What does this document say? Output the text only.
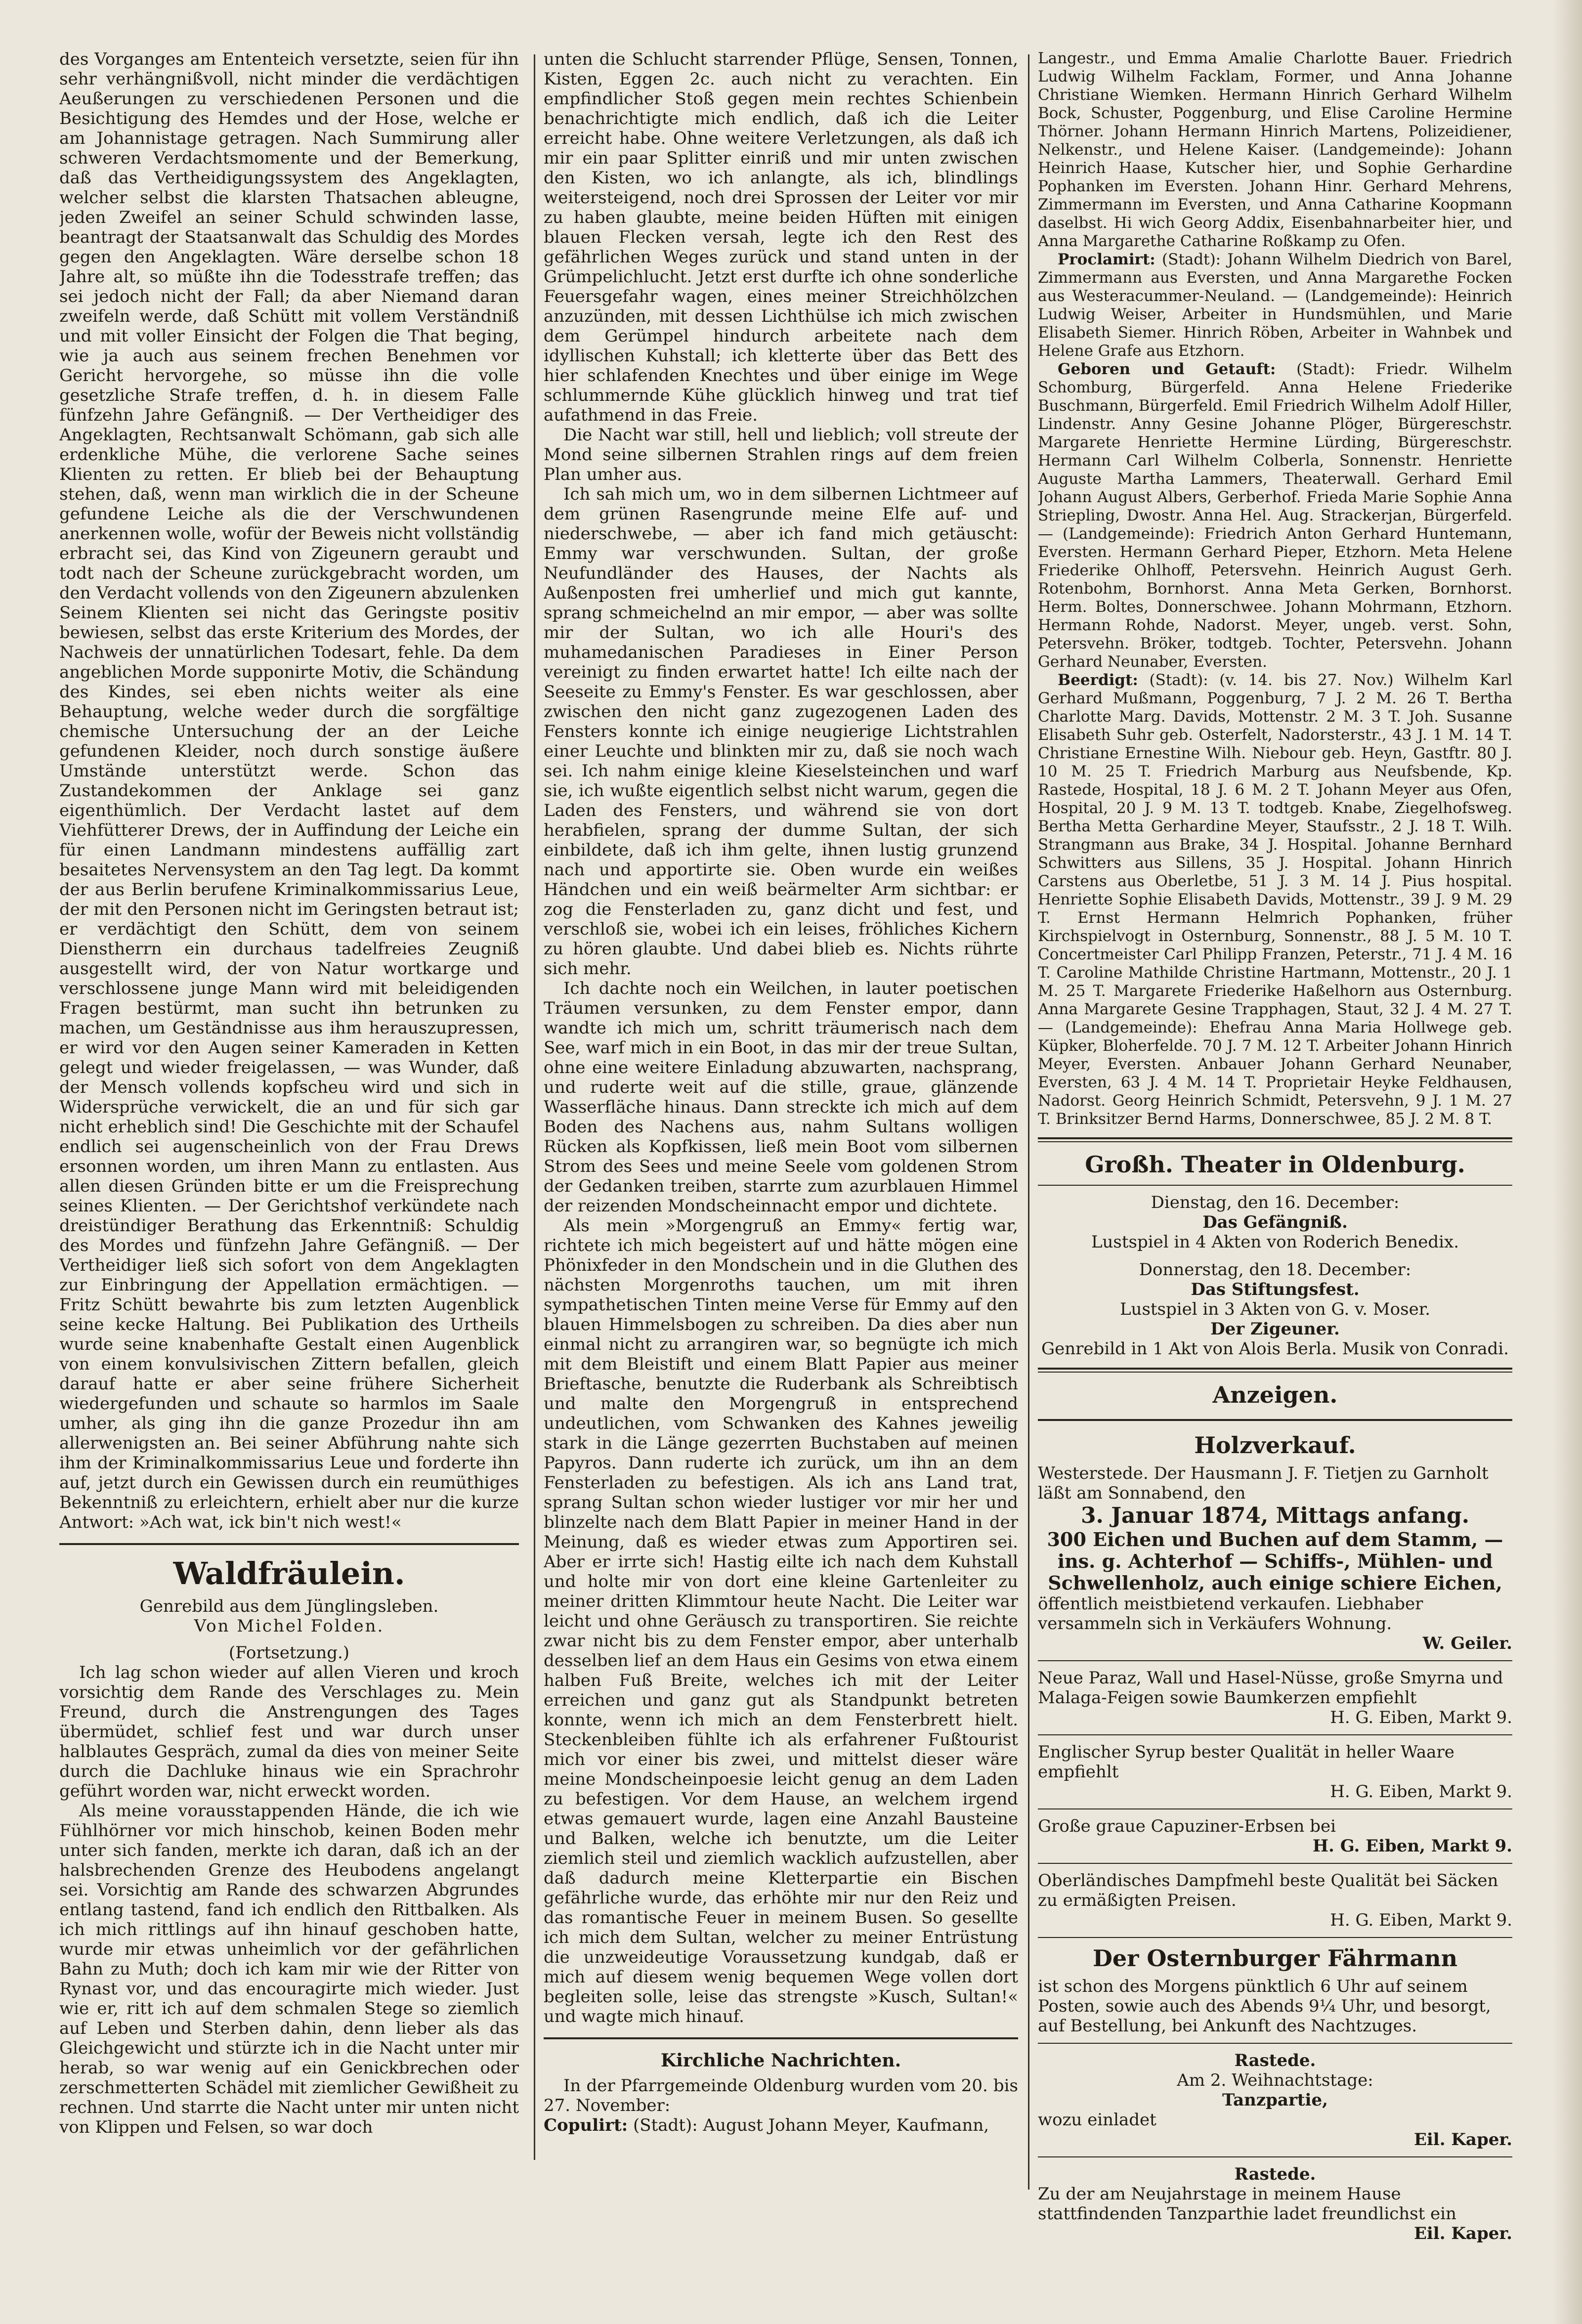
des Vorganges am Ententeich versetzte, seien für ihn sehr verhängnißvoll, nicht minder die verdächtigen Aeußerungen zu verschiedenen Personen und die Besichtigung des Hemdes und der Hose, welche er am Johannistage getragen. Nach Summirung aller schweren Verdachtsmomente und der Bemerkung, daß das Vertheidigungssystem des Angeklagten, welcher selbst die klarsten Thatsachen ableugne, jeden Zweifel an seiner Schuld schwinden lasse, beantragt der Staatsanwalt das Schuldig des Mordes gegen den Angeklagten. Wäre derselbe schon 18 Jahre alt, so müßte ihn die Todesstrafe treffen; das sei jedoch nicht der Fall; da aber Niemand daran zweifeln werde, daß Schütt mit vollem Verständniß und mit voller Einsicht der Folgen die That beging, wie ja auch aus seinem frechen Benehmen vor Gericht hervorgehe, so müsse ihn die volle gesetzliche Strafe treffen, d. h. in diesem Falle fünfzehn Jahre Gefängniß. — Der Vertheidiger des Angeklagten, Rechtsanwalt Schömann, gab sich alle erdenkliche Mühe, die verlorene Sache seines Klienten zu retten. Er blieb bei der Behauptung stehen, daß, wenn man wirklich die in der Scheune gefundene Leiche als die der Verschwundenen anerkennen wolle, wofür der Beweis nicht vollständig erbracht sei, das Kind von Zigeunern geraubt und todt nach der Scheune zurückgebracht worden, um den Verdacht vollends von den Zigeunern abzulenken Seinem Klienten sei nicht das Geringste positiv bewiesen, selbst das erste Kriterium des Mordes, der Nachweis der unnatürlichen Todesart, fehle. Da dem angeblichen Morde supponirte Motiv, die Schändung des Kindes, sei eben nichts weiter als eine Behauptung, welche weder durch die sorgfältige chemische Untersuchung der an der Leiche gefundenen Kleider, noch durch sonstige äußere Umstände unterstützt werde. Schon das Zustandekommen der Anklage sei ganz eigenthümlich. Der Verdacht lastet auf dem Viehfütterer Drews, der in Auffindung der Leiche ein für einen Landmann mindestens auffällig zart besaitetes Nervensystem an den Tag legt. Da kommt der aus Berlin berufene Kriminalkommissarius Leue, der mit den Personen nicht im Geringsten betraut ist; er verdächtigt den Schütt, dem von seinem Dienstherrn ein durchaus tadelfreies Zeugniß ausgestellt wird, der von Natur wortkarge und verschlossene junge Mann wird mit beleidigenden Fragen bestürmt, man sucht ihn betrunken zu machen, um Geständnisse aus ihm herauszupressen, er wird vor den Augen seiner Kameraden in Ketten gelegt und wieder freigelassen, — was Wunder, daß der Mensch vollends kopfscheu wird und sich in Widersprüche verwickelt, die an und für sich gar nicht erheblich sind! Die Geschichte mit der Schaufel endlich sei augenscheinlich von der Frau Drews ersonnen worden, um ihren Mann zu entlasten. Aus allen diesen Gründen bitte er um die Freisprechung seines Klienten. — Der Gerichtshof verkündete nach dreistündiger Berathung das Erkenntniß: Schuldig des Mordes und fünfzehn Jahre Gefängniß. — Der Vertheidiger ließ sich sofort von dem Angeklagten zur Einbringung der Appellation ermächtigen. — Fritz Schütt bewahrte bis zum letzten Augenblick seine kecke Haltung. Bei Publikation des Urtheils wurde seine knabenhafte Gestalt einen Augenblick von einem konvulsivischen Zittern befallen, gleich darauf hatte er aber seine frühere Sicherheit wiedergefunden und schaute so harmlos im Saale umher, als ging ihn die ganze Prozedur ihn am allerwenigsten an. Bei seiner Abführung nahte sich ihm der Kriminalkommissarius Leue und forderte ihn auf, jetzt durch ein Gewissen durch ein reumüthiges Bekenntniß zu erleichtern, erhielt aber nur die kurze Antwort: »Ach wat, ick bin't nich west!«

Waldfräulein.

Genrebild aus dem Jünglingsleben.

Von Michel Folden.

(Fortsetzung.)

Ich lag schon wieder auf allen Vieren und kroch vorsichtig dem Rande des Verschlages zu. Mein Freund, durch die Anstrengungen des Tages übermüdet, schlief fest und war durch unser halblautes Gespräch, zumal da dies von meiner Seite durch die Dachluke hinaus wie ein Sprachrohr geführt worden war, nicht erweckt worden.

Als meine vorausstappenden Hände, die ich wie Fühlhörner vor mich hinschob, keinen Boden mehr unter sich fanden, merkte ich daran, daß ich an der halsbrechenden Grenze des Heubodens angelangt sei. Vorsichtig am Rande des schwarzen Abgrundes entlang tastend, fand ich endlich den Rittbalken. Als ich mich rittlings auf ihn hinauf geschoben hatte, wurde mir etwas unheimlich vor der gefährlichen Bahn zu Muth; doch ich kam mir wie der Ritter von Rynast vor, und das encouragirte mich wieder. Just wie er, ritt ich auf dem schmalen Stege so ziemlich auf Leben und Sterben dahin, denn lieber als das Gleichgewicht und stürzte ich in die Nacht unter mir herab, so war wenig auf ein Genickbrechen oder zerschmetterten Schädel mit ziemlicher Gewißheit zu rechnen. Und starrte die Nacht unter mir unten nicht von Klippen und Felsen, so war doch

unten die Schlucht starrender Pflüge, Sensen, Tonnen, Kisten, Eggen 2c. auch nicht zu verachten. Ein empfindlicher Stoß gegen mein rechtes Schienbein benachrichtigte mich endlich, daß ich die Leiter erreicht habe. Ohne weitere Verletzungen, als daß ich mir ein paar Splitter einriß und mir unten zwischen den Kisten, wo ich anlangte, als ich, blindlings weitersteigend, noch drei Sprossen der Leiter vor mir zu haben glaubte, meine beiden Hüften mit einigen blauen Flecken versah, legte ich den Rest des gefährlichen Weges zurück und stand unten in der Grümpelichlucht. Jetzt erst durfte ich ohne sonderliche Feuersgefahr wagen, eines meiner Streichhölzchen anzuzünden, mit dessen Lichthülse ich mich zwischen dem Gerümpel hindurch arbeitete nach dem idyllischen Kuhstall; ich kletterte über das Bett des hier schlafenden Knechtes und über einige im Wege schlummernde Kühe glücklich hinweg und trat tief aufathmend in das Freie.

Die Nacht war still, hell und lieblich; voll streute der Mond seine silbernen Strahlen rings auf dem freien Plan umher aus.

Ich sah mich um, wo in dem silbernen Lichtmeer auf dem grünen Rasengrunde meine Elfe auf- und niederschwebe, — aber ich fand mich getäuscht: Emmy war verschwunden. Sultan, der große Neufundländer des Hauses, der Nachts als Außenposten frei umherlief und mich gut kannte, sprang schmeichelnd an mir empor, — aber was sollte mir der Sultan, wo ich alle Houri's des muhamedanischen Paradieses in Einer Person vereinigt zu finden erwartet hatte! Ich eilte nach der Seeseite zu Emmy's Fenster. Es war geschlossen, aber zwischen den nicht ganz zugezogenen Laden des Fensters konnte ich einige neugierige Lichtstrahlen einer Leuchte und blinkten mir zu, daß sie noch wach sei. Ich nahm einige kleine Kieselsteinchen und warf sie, ich wußte eigentlich selbst nicht warum, gegen die Laden des Fensters, und während sie von dort herabfielen, sprang der dumme Sultan, der sich einbildete, daß ich ihm gelte, ihnen lustig grunzend nach und apportirte sie. Oben wurde ein weißes Händchen und ein weiß beärmelter Arm sichtbar: er zog die Fensterladen zu, ganz dicht und fest, und verschloß sie, wobei ich ein leises, fröhliches Kichern zu hören glaubte. Und dabei blieb es. Nichts rührte sich mehr.

Ich dachte noch ein Weilchen, in lauter poetischen Träumen versunken, zu dem Fenster empor, dann wandte ich mich um, schritt träumerisch nach dem See, warf mich in ein Boot, in das mir der treue Sultan, ohne eine weitere Einladung abzuwarten, nachsprang, und ruderte weit auf die stille, graue, glänzende Wasserfläche hinaus. Dann streckte ich mich auf dem Boden des Nachens aus, nahm Sultans wolligen Rücken als Kopfkissen, ließ mein Boot vom silbernen Strom des Sees und meine Seele vom goldenen Strom der Gedanken treiben, starrte zum azurblauen Himmel der reizenden Mondscheinnacht empor und dichtete.

Als mein »Morgengruß an Emmy« fertig war, richtete ich mich begeistert auf und hätte mögen eine Phönixfeder in den Mondschein und in die Gluthen des nächsten Morgenroths tauchen, um mit ihren sympathetischen Tinten meine Verse für Emmy auf den blauen Himmelsbogen zu schreiben. Da dies aber nun einmal nicht zu arrangiren war, so begnügte ich mich mit dem Bleistift und einem Blatt Papier aus meiner Brieftasche, benutzte die Ruderbank als Schreibtisch und malte den Morgengruß in entsprechend undeutlichen, vom Schwanken des Kahnes jeweilig stark in die Länge gezerrten Buchstaben auf meinen Papyros. Dann ruderte ich zurück, um ihn an dem Fensterladen zu befestigen. Als ich ans Land trat, sprang Sultan schon wieder lustiger vor mir her und blinzelte nach dem Blatt Papier in meiner Hand in der Meinung, daß es wieder etwas zum Apportiren sei. Aber er irrte sich! Hastig eilte ich nach dem Kuhstall und holte mir von dort eine kleine Gartenleiter zu meiner dritten Klimmtour heute Nacht. Die Leiter war leicht und ohne Geräusch zu transportiren. Sie reichte zwar nicht bis zu dem Fenster empor, aber unterhalb desselben lief an dem Haus ein Gesims von etwa einem halben Fuß Breite, welches ich mit der Leiter erreichen und ganz gut als Standpunkt betreten konnte, wenn ich mich an dem Fensterbrett hielt. Steckenbleiben fühlte ich als erfahrener Fußtourist mich vor einer bis zwei, und mittelst dieser wäre meine Mondscheinpoesie leicht genug an dem Laden zu befestigen. Vor dem Hause, an welchem irgend etwas gemauert wurde, lagen eine Anzahl Bausteine und Balken, welche ich benutzte, um die Leiter ziemlich steil und ziemlich wacklich aufzustellen, aber daß dadurch meine Kletterpartie ein Bischen gefährliche wurde, das erhöhte mir nur den Reiz und das romantische Feuer in meinem Busen. So gesellte ich mich dem Sultan, welcher zu meiner Entrüstung die unzweideutige Voraussetzung kundgab, daß er mich auf diesem wenig bequemen Wege vollen dort begleiten solle, leise das strengste »Kusch, Sultan!« und wagte mich hinauf.

Kirchliche Nachrichten.

In der Pfarrgemeinde Oldenburg wurden vom 20. bis 27. November:

Copulirt: (Stadt): August Johann Meyer, Kaufmann,

Langestr., und Emma Amalie Charlotte Bauer. Friedrich Ludwig Wilhelm Facklam, Former, und Anna Johanne Christiane Wiemken. Hermann Hinrich Gerhard Wilhelm Bock, Schuster, Poggenburg, und Elise Caroline Hermine Thörner. Johann Hermann Hinrich Martens, Polizeidiener, Nelkenstr., und Helene Kaiser. (Landgemeinde): Johann Heinrich Haase, Kutscher hier, und Sophie Gerhardine Pophanken im Eversten. Johann Hinr. Gerhard Mehrens, Zimmermann im Eversten, und Anna Catharine Koopmann daselbst. Hi wich Georg Addix, Eisenbahnarbeiter hier, und Anna Margarethe Catharine Roßkamp zu Ofen.

Proclamirt: (Stadt): Johann Wilhelm Diedrich von Barel, Zimmermann aus Eversten, und Anna Margarethe Focken aus Westeracummer-Neuland. — (Landgemeinde): Heinrich Ludwig Weiser, Arbeiter in Hundsmühlen, und Marie Elisabeth Siemer. Hinrich Röben, Arbeiter in Wahnbek und Helene Grafe aus Etzhorn.

Geboren und Getauft: (Stadt): Friedr. Wilhelm Schomburg, Bürgerfeld. Anna Helene Friederike Buschmann, Bürgerfeld. Emil Friedrich Wilhelm Adolf Hiller, Lindenstr. Anny Gesine Johanne Plöger, Bürgereschstr. Margarete Henriette Hermine Lürding, Bürgereschstr. Hermann Carl Wilhelm Colberla, Sonnenstr. Henriette Auguste Martha Lammers, Theaterwall. Gerhard Emil Johann August Albers, Gerberhof. Frieda Marie Sophie Anna Striepling, Dwostr. Anna Hel. Aug. Strackerjan, Bürgerfeld. — (Landgemeinde): Friedrich Anton Gerhard Huntemann, Eversten. Hermann Gerhard Pieper, Etzhorn. Meta Helene Friederike Ohlhoff, Petersvehn. Heinrich August Gerh. Rotenbohm, Bornhorst. Anna Meta Gerken, Bornhorst. Herm. Boltes, Donnerschwee. Johann Mohrmann, Etzhorn. Hermann Rohde, Nadorst. Meyer, ungeb. verst. Sohn, Petersvehn. Bröker, todtgeb. Tochter, Petersvehn. Johann Gerhard Neunaber, Eversten.

Beerdigt: (Stadt): (v. 14. bis 27. Nov.) Wilhelm Karl Gerhard Mußmann, Poggenburg, 7 J. 2 M. 26 T. Bertha Charlotte Marg. Davids, Mottenstr. 2 M. 3 T. Joh. Susanne Elisabeth Suhr geb. Osterfelt, Nadorsterstr., 43 J. 1 M. 14 T. Christiane Ernestine Wilh. Niebour geb. Heyn, Gastftr. 80 J. 10 M. 25 T. Friedrich Marburg aus Neufsbende, Kp. Rastede, Hospital, 18 J. 6 M. 2 T. Johann Meyer aus Ofen, Hospital, 20 J. 9 M. 13 T. todtgeb. Knabe, Ziegelhofsweg. Bertha Metta Gerhardine Meyer, Staufsstr., 2 J. 18 T. Wilh. Strangmann aus Brake, 34 J. Hospital. Johanne Bernhard Schwitters aus Sillens, 35 J. Hospital. Johann Hinrich Carstens aus Oberletbe, 51 J. 3 M. 14 J. Pius hospital. Henriette Sophie Elisabeth Davids, Mottenstr., 39 J. 9 M. 29 T. Ernst Hermann Helmrich Pophanken, früher Kirchspielvogt in Osternburg, Sonnenstr., 88 J. 5 M. 10 T. Concertmeister Carl Philipp Franzen, Peterstr., 71 J. 4 M. 16 T. Caroline Mathilde Christine Hartmann, Mottenstr., 20 J. 1 M. 25 T. Margarete Friederike Haßelhorn aus Osternburg. Anna Margarete Gesine Trapphagen, Staut, 32 J. 4 M. 27 T. — (Landgemeinde): Ehefrau Anna Maria Hollwege geb. Küpker, Bloherfelde. 70 J. 7 M. 12 T. Arbeiter Johann Hinrich Meyer, Eversten. Anbauer Johann Gerhard Neunaber, Eversten, 63 J. 4 M. 14 T. Proprietair Heyke Feldhausen, Nadorst. Georg Heinrich Schmidt, Petersvehn, 9 J. 1 M. 27 T. Brinksitzer Bernd Harms, Donnerschwee, 85 J. 2 M. 8 T.

Großh. Theater in Oldenburg.

Dienstag, den 16. December:

Das Gefängniß.

Lustspiel in 4 Akten von Roderich Benedix.

Donnerstag, den 18. December:

Das Stiftungsfest.

Lustspiel in 3 Akten von G. v. Moser.

Der Zigeuner.

Genrebild in 1 Akt von Alois Berla. Musik von Conradi.

Anzeigen.
Holzverkauf.

Westerstede. Der Hausmann J. F. Tietjen zu Garnholt läßt am Sonnabend, den

3. Januar 1874, Mittags anfang.

300 Eichen und Buchen auf dem Stamm, — ins. g. Achterhof — Schiffs-, Mühlen- und Schwellenholz, auch einige schiere Eichen,

öffentlich meistbietend verkaufen. Liebhaber versammeln sich in Verkäufers Wohnung.

W. Geiler.

Neue Paraz, Wall und Hasel-Nüsse, große Smyrna und Malaga-Feigen sowie Baumkerzen empfiehlt

H. G. Eiben, Markt 9.

Englischer Syrup bester Qualität in heller Waare empfiehlt

H. G. Eiben, Markt 9.

Große graue Capuziner-Erbsen bei

H. G. Eiben, Markt 9.

Oberländisches Dampfmehl beste Qualität bei Säcken zu ermäßigten Preisen.

H. G. Eiben, Markt 9.

Der Osternburger Fährmann

ist schon des Morgens pünktlich 6 Uhr auf seinem Posten, sowie auch des Abends 9¼ Uhr, und besorgt, auf Bestellung, bei Ankunft des Nachtzuges.

Rastede.

Am 2. Weihnachtstage:

Tanzpartie,

wozu einladet

Eil. Kaper.

Rastede.

Zu der am Neujahrstage in meinem Hause stattfindenden Tanzparthie ladet freundlichst ein

Eil. Kaper.
